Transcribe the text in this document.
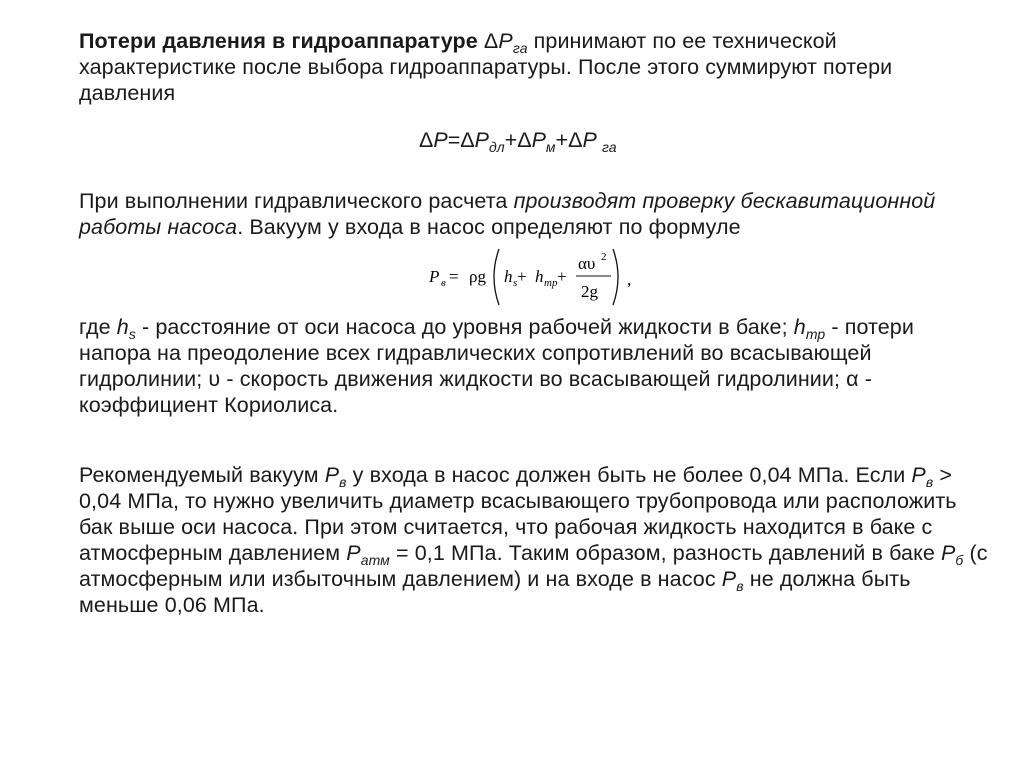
Потери давления в гидроаппаратуре $\Delta P_{га}$ принимают по ее технической характеристике после выбора гидроаппаратуры. После этого суммируют потери давления

$\Delta P=\Delta P_{дл}+\Delta P_м+\Delta P$ $_{га}$

При выполнении гидравлического расчета производят проверку бескавитационной работы насоса. Вакуум у входа в насос определяют по формуле

P в = ρg h s + h тр +
αυ 2
2g
,

где $h_s$ - расстояние от оси насоса до уровня рабочей жидкости в баке; $h_{тр}$ - потери напора на преодоление всех гидравлических сопротивлений во всасывающей гидролинии; υ - скорость движения жидкости во всасывающей гидролинии; α - коэффициент Кориолиса.

Рекомендуемый вакуум $P_в$ у входа в насос должен быть не более 0,04 МПа. Если $P_в > 0,04$ МПа, то нужно увеличить диаметр всасывающего трубопровода или расположить бак выше оси насоса. При этом считается, что рабочая жидкость находится в баке с атмосферным давлением $P_{атм} = 0,1$ МПа. Таким образом, разность давлений в баке $P_б$ (с атмосферным или избыточным давлением) и на входе в насос $P_в$ не должна быть меньше 0,06 МПа.
